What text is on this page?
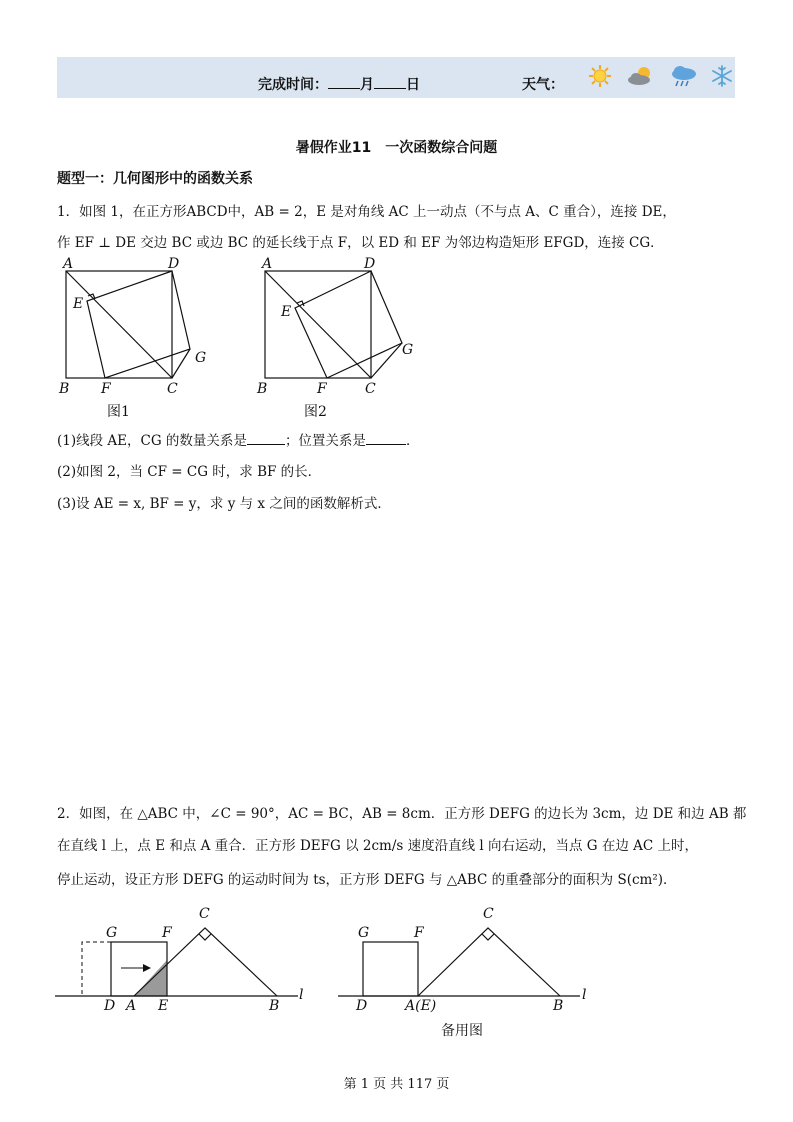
完成时间： 月 日	天气：
暑假作业11　一次函数综合问题
题型一：几何图形中的函数关系
1．如图 1，在正方形ABCD中，AB = 2，E 是对角线 AC 上一动点（不与点 A、C 重合），连接 DE，
作 EF ⊥ DE 交边 BC 或边 BC 的延长线于点 F，以 ED 和 EF 为邻边构造矩形 EFGD，连接 CG．
A	D
E
G
B F	C
图1
A	D
E
G
B	F	C
图2
(1)线段 AE，CG 的数量关系是	；位置关系是	．
(2)如图 2，当 CF = CG 时，求 BF 的长．
(3)设 AE = x, BF = y，求 y 与 x 之间的函数解析式．
2．如图，在 △ABC 中，∠C = 90°，AC = BC，AB = 8cm．正方形 DEFG 的边长为 3cm，边 DE 和边 AB 都
在直线 l 上，点 E 和点 A 重合．正方形 DEFG 以 2cm/s 速度沿直线 l 向右运动，当点 G 在边 AC 上时，
停止运动，设正方形 DEFG 的运动时间为 ts，正方形 DEFG 与 △ABC 的重叠部分的面积为 S(cm²)．
G	F
C
D A E	B
l
G	F
C
D	A(E)	B
l
备用图
第 1 页 共 117 页
